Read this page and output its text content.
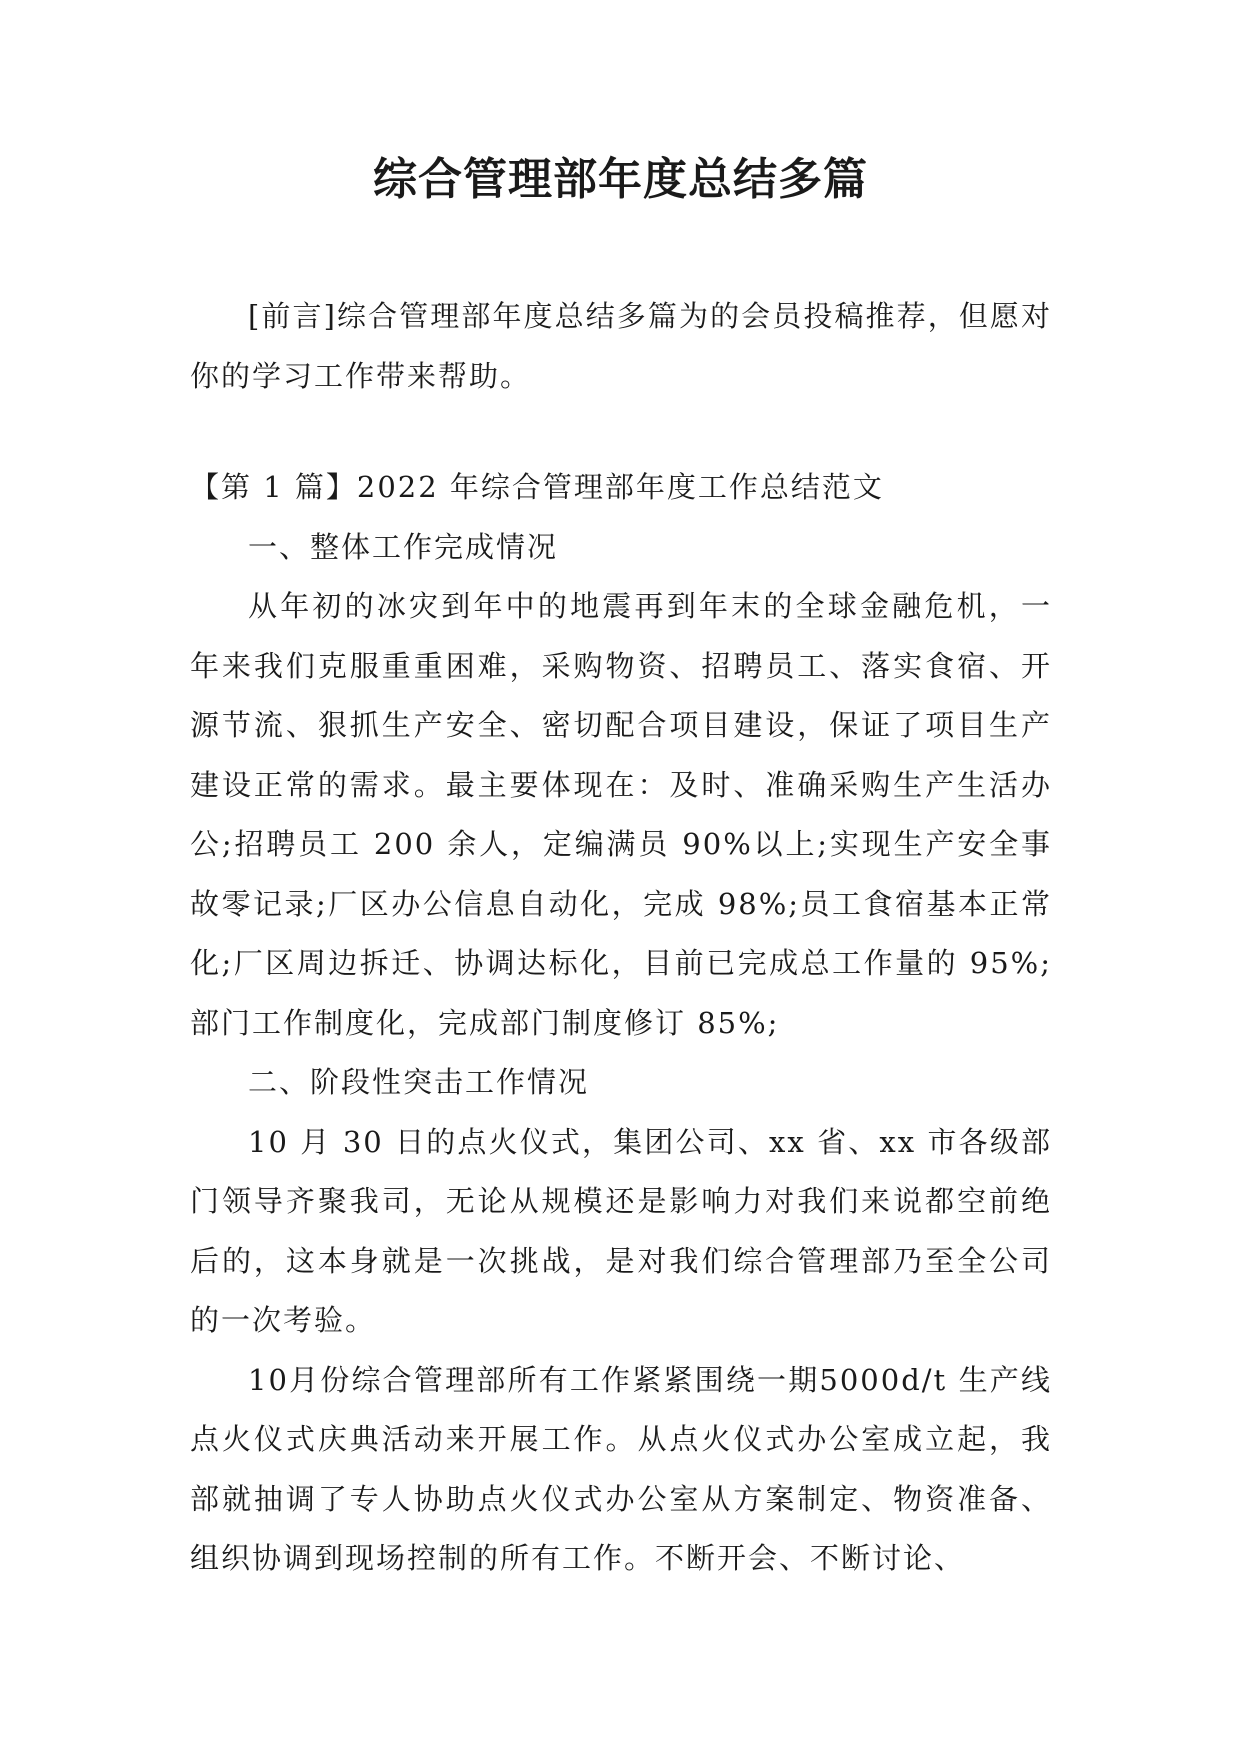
综合管理部年度总结多篇

[前言]综合管理部年度总结多篇为的会员投稿推荐，但愿对你的学习工作带来帮助。

【第 1 篇】2022 年综合管理部年度工作总结范文

一、整体工作完成情况

从年初的冰灾到年中的地震再到年末的全球金融危机，一年来我们克服重重困难，采购物资、招聘员工、落实食宿、开源节流、狠抓生产安全、密切配合项目建设，保证了项目生产建设正常的需求。最主要体现在：及时、准确采购生产生活办公;招聘员工 200 余人，定编满员 90%以上;实现生产安全事故零记录;厂区办公信息自动化，完成 98%;员工食宿基本正常化;厂区周边拆迁、协调达标化，目前已完成总工作量的 95%;部门工作制度化，完成部门制度修订 85%;

二、阶段性突击工作情况

10 月 30 日的点火仪式，集团公司、xx 省、xx 市各级部门领导齐聚我司，无论从规模还是影响力对我们来说都空前绝后的，这本身就是一次挑战，是对我们综合管理部乃至全公司的一次考验。

10月份综合管理部所有工作紧紧围绕一期5000d/t 生产线点火仪式庆典活动来开展工作。从点火仪式办公室成立起，我部就抽调了专人协助点火仪式办公室从方案制定、物资准备、组织协调到现场控制的所有工作。不断开会、不断讨论、
